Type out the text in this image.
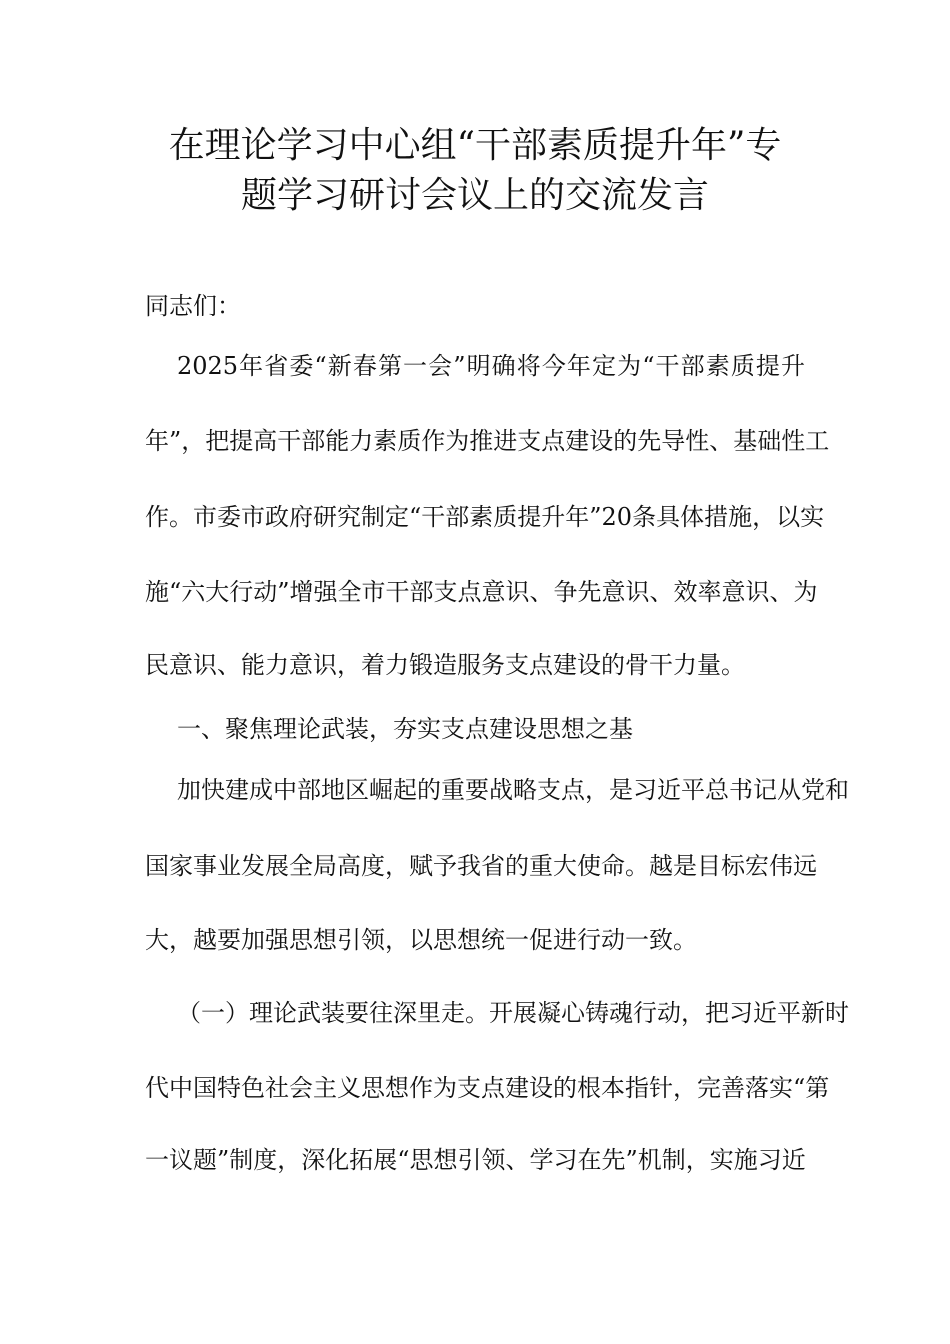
在理论学习中心组“干部素质提升年”专
题学习研讨会议上的交流发言
同志们：
2025年省委“新春第一会”明确将今年定为“干部素质提升
年”，把提高干部能力素质作为推进支点建设的先导性、基础性工
作。市委市政府研究制定“干部素质提升年”20条具体措施，以实
施“六大行动”增强全市干部支点意识、争先意识、效率意识、为
民意识、能力意识，着力锻造服务支点建设的骨干力量。
一、聚焦理论武装，夯实支点建设思想之基
加快建成中部地区崛起的重要战略支点，是习近平总书记从党和
国家事业发展全局高度，赋予我省的重大使命。越是目标宏伟远
大，越要加强思想引领，以思想统一促进行动一致。
（一）理论武装要往深里走。开展凝心铸魂行动，把习近平新时
代中国特色社会主义思想作为支点建设的根本指针，完善落实“第
一议题”制度，深化拓展“思想引领、学习在先”机制，实施习近
